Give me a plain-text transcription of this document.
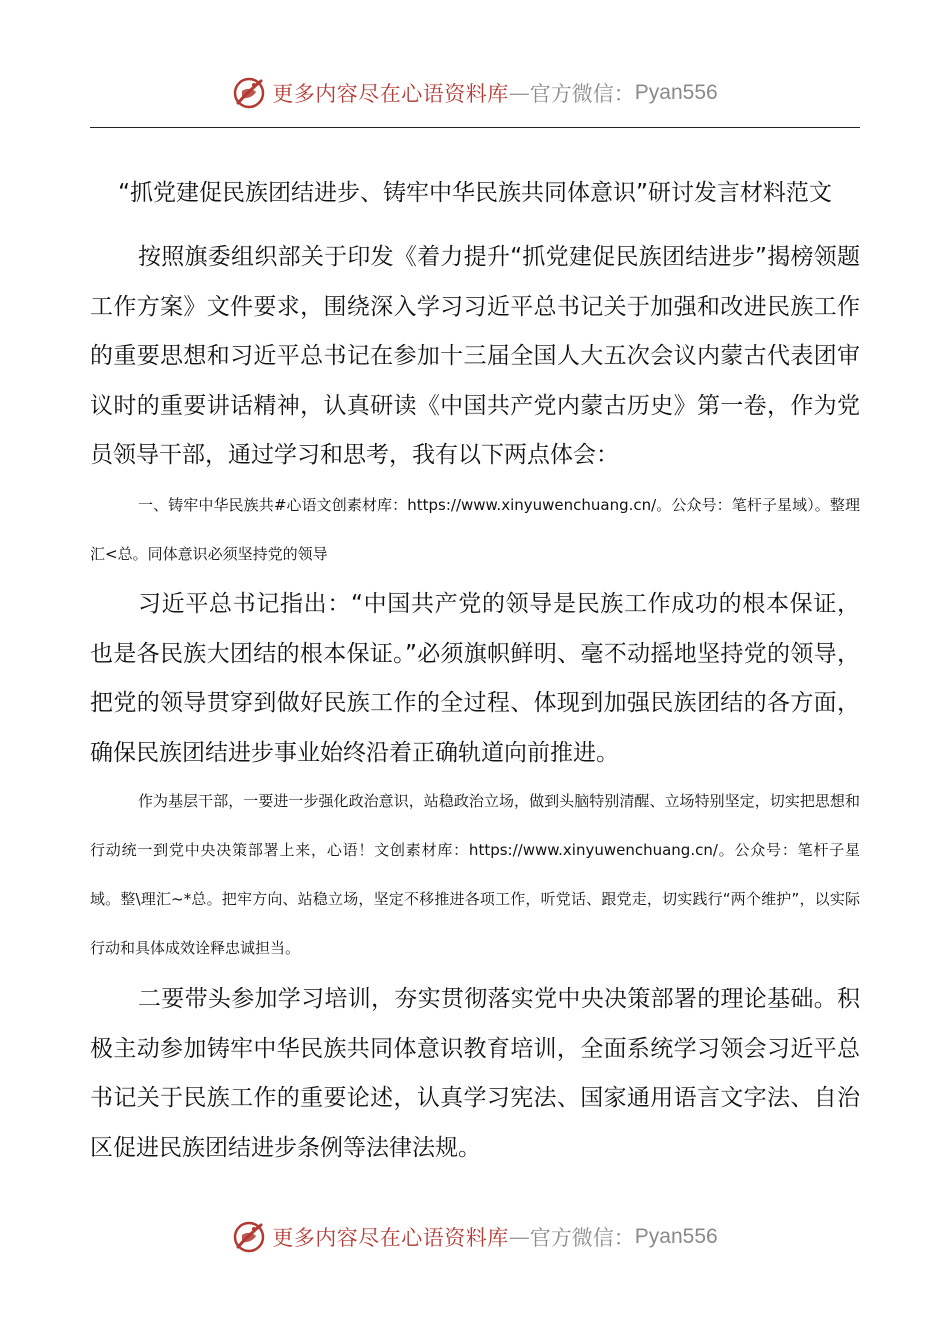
更多内容尽在心语资料库 — 官方微信： Pyan556
“抓党建促民族团结进步、铸牢中华民族共同体意识”研讨发言材料范文
按照旗委组织部关于印发《着力提升“抓党建促民族团结进步”揭榜领题工作方案》文件要求，围绕深入学习习近平总书记关于加强和改进民族工作的重要思想和习近平总书记在参加十三届全国人大五次会议内蒙古代表团审议时的重要讲话精神，认真研读《中国共产党内蒙古历史》第一卷，作为党员领导干部，通过学习和思考，我有以下两点体会：
一、铸牢中华民族共#心语文创素材库：https://www.xinyuwenchuang.cn/。公众号：笔杆子星域）。整理汇<总。同体意识必须坚持党的领导
习近平总书记指出：“中国共产党的领导是民族工作成功的根本保证，也是各民族大团结的根本保证。”必须旗帜鲜明、毫不动摇地坚持党的领导，把党的领导贯穿到做好民族工作的全过程、体现到加强民族团结的各方面，确保民族团结进步事业始终沿着正确轨道向前推进。
作为基层干部，一要进一步强化政治意识，站稳政治立场，做到头脑特别清醒、立场特别坚定，切实把思想和行动统一到党中央决策部署上来，心语！文创素材库：https://www.xinyuwenchuang.cn/。公众号：笔杆子星域。整\理汇~*总。把牢方向、站稳立场，坚定不移推进各项工作，听党话、跟党走，切实践行“两个维护”，以实际行动和具体成效诠释忠诚担当。
二要带头参加学习培训，夯实贯彻落实党中央决策部署的理论基础。积极主动参加铸牢中华民族共同体意识教育培训，全面系统学习领会习近平总书记关于民族工作的重要论述，认真学习宪法、国家通用语言文字法、自治区促进民族团结进步条例等法律法规。
更多内容尽在心语资料库 — 官方微信： Pyan556
